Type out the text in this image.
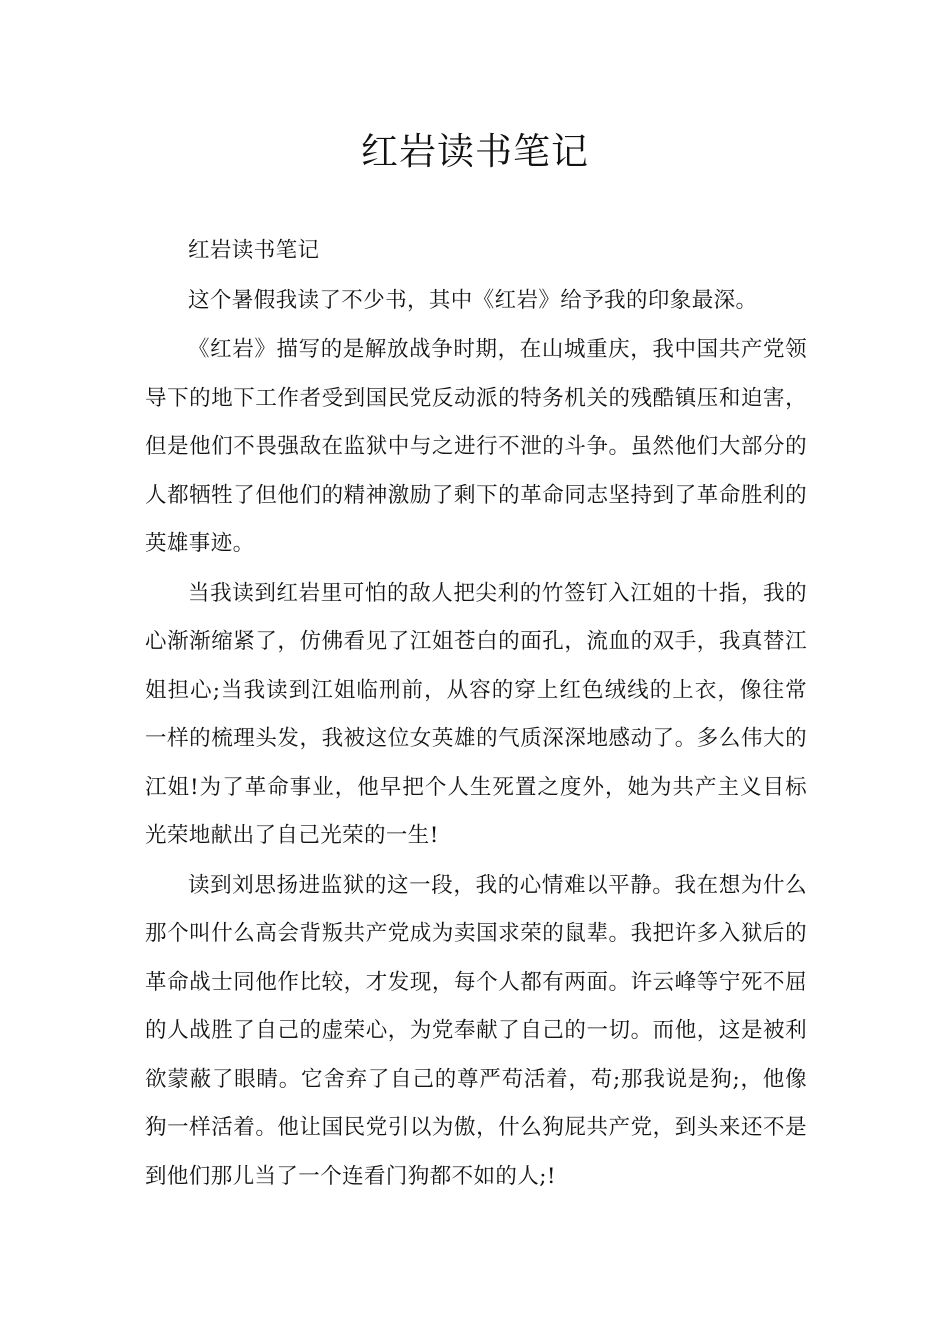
红岩读书笔记

红岩读书笔记

这个暑假我读了不少书，其中《红岩》给予我的印象最深。

《红岩》描写的是解放战争时期，在山城重庆，我中国共产党领导下的地下工作者受到国民党反动派的特务机关的残酷镇压和迫害，但是他们不畏强敌在监狱中与之进行不泄的斗争。虽然他们大部分的人都牺牲了但他们的精神激励了剩下的革命同志坚持到了革命胜利的英雄事迹。

当我读到红岩里可怕的敌人把尖利的竹签钉入江姐的十指，我的心渐渐缩紧了，仿佛看见了江姐苍白的面孔，流血的双手，我真替江姐担心;当我读到江姐临刑前，从容的穿上红色绒线的上衣，像往常一样的梳理头发，我被这位女英雄的气质深深地感动了。多么伟大的江姐!为了革命事业，他早把个人生死置之度外，她为共产主义目标光荣地献出了自己光荣的一生!

读到刘思扬进监狱的这一段，我的心情难以平静。我在想为什么那个叫什么高会背叛共产党成为卖国求荣的鼠辈。我把许多入狱后的革命战士同他作比较，才发现，每个人都有两面。许云峰等宁死不屈的人战胜了自己的虚荣心，为党奉献了自己的一切。而他，这是被利欲蒙蔽了眼睛。它舍弃了自己的尊严苟活着，苟;那我说是狗;，他像狗一样活着。他让国民党引以为傲，什么狗屁共产党，到头来还不是到他们那儿当了一个连看门狗都不如的人;!
